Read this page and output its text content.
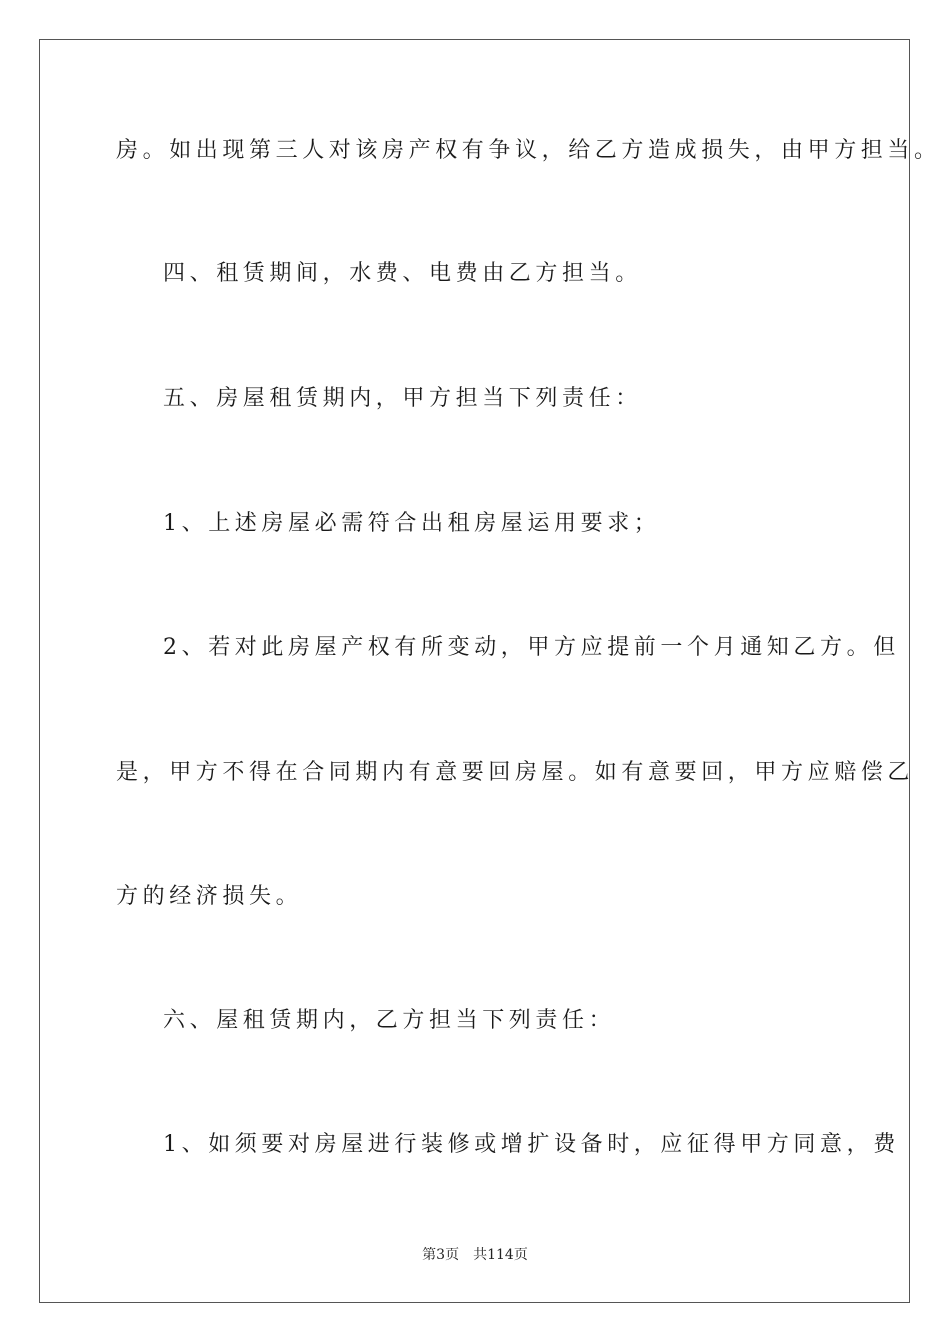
房。如出现第三人对该房产权有争议，给乙方造成损失，由甲方担当。
四、租赁期间，水费、电费由乙方担当。
五、房屋租赁期内，甲方担当下列责任：
1、上述房屋必需符合出租房屋运用要求；
2、若对此房屋产权有所变动，甲方应提前一个月通知乙方。但
是，甲方不得在合同期内有意要回房屋。如有意要回，甲方应赔偿乙
方的经济损失。
六、屋租赁期内，乙方担当下列责任：
1、如须要对房屋进行装修或增扩设备时，应征得甲方同意，费
第3页 共114页
